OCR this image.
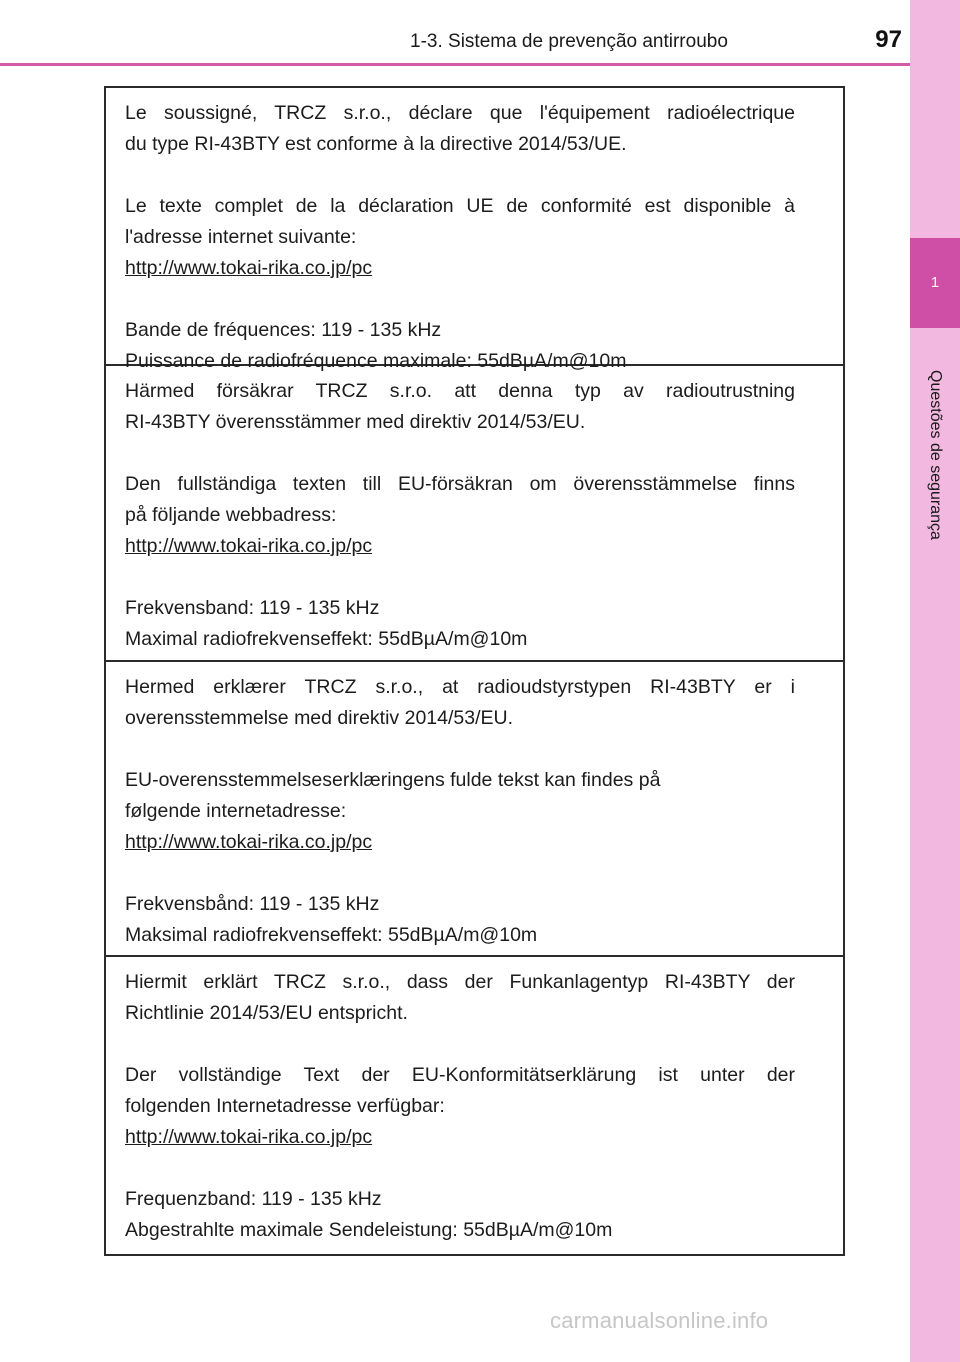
1-3. Sistema de prevenção antirroubo	97
1
Questões de segurança

Le soussigné, TRCZ s.r.o., déclare que l'équipement radioélectrique

du type RI-43BTY est conforme à la directive 2014/53/UE.

Le texte complet de la déclaration UE de conformité est disponible à

l'adresse internet suivante:

http://www.tokai-rika.co.jp/pc

Bande de fréquences: 119 - 135 kHz

Puissance de radiofréquence maximale: 55dBµA/m@10m

Härmed försäkrar TRCZ s.r.o. att denna typ av radioutrustning

RI-43BTY överensstämmer med direktiv 2014/53/EU.

Den fullständiga texten till EU-försäkran om överensstämmelse finns

på följande webbadress:

http://www.tokai-rika.co.jp/pc

Frekvensband: 119 - 135 kHz

Maximal radiofrekvenseffekt: 55dBµA/m@10m

Hermed erklærer TRCZ s.r.o., at radioudstyrstypen RI-43BTY er i

overensstemmelse med direktiv 2014/53/EU.

EU-overensstemmelseserklæringens fulde tekst kan findes på

følgende internetadresse:

http://www.tokai-rika.co.jp/pc

Frekvensbånd: 119 - 135 kHz

Maksimal radiofrekvenseffekt: 55dBµA/m@10m

Hiermit erklärt TRCZ s.r.o., dass der Funkanlagentyp RI-43BTY der

Richtlinie 2014/53/EU entspricht.

Der vollständige Text der EU-Konformitätserklärung ist unter der

folgenden Internetadresse verfügbar:

http://www.tokai-rika.co.jp/pc

Frequenzband: 119 - 135 kHz

Abgestrahlte maximale Sendeleistung: 55dBµA/m@10m

carmanualsonline.info
